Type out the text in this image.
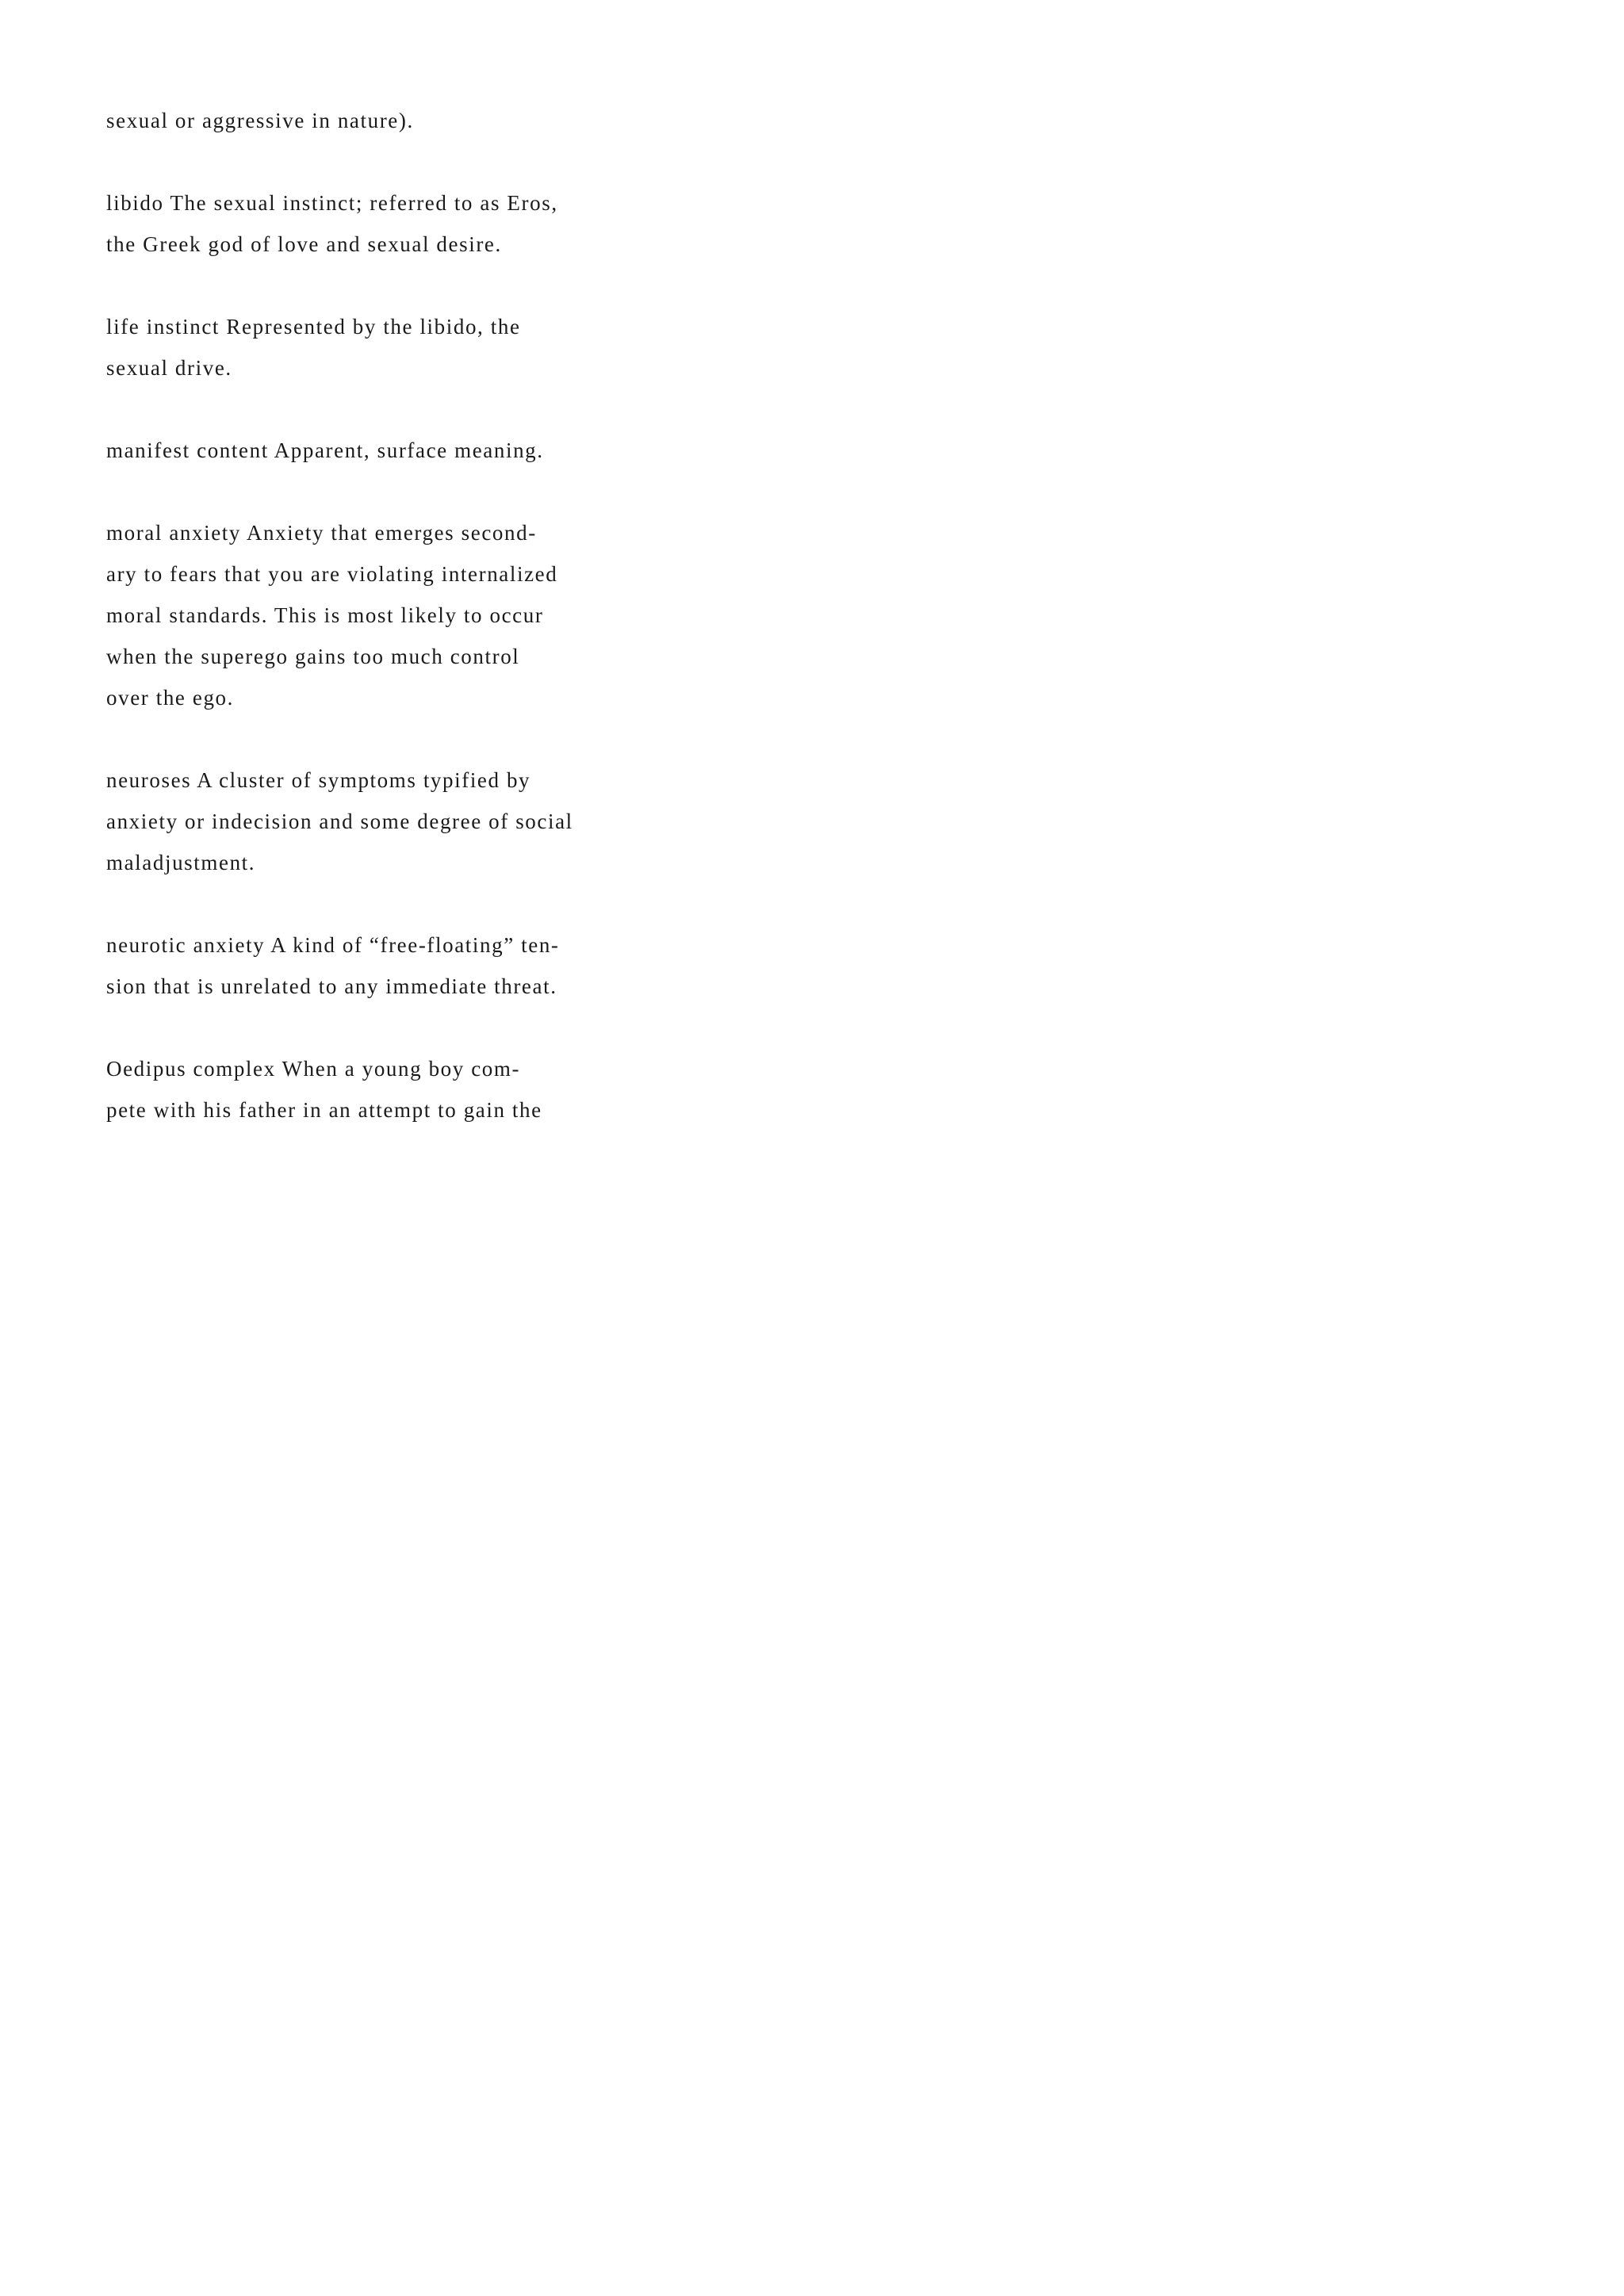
sexual or aggressive in nature).

libido The sexual instinct; referred to as Eros,

the Greek god of love and sexual desire.

life instinct Represented by the libido, the

sexual drive.

manifest content Apparent, surface meaning.

moral anxiety Anxiety that emerges second-

ary to fears that you are violating internalized

moral standards. This is most likely to occur

when the superego gains too much control

over the ego.

neuroses A cluster of symptoms typified by

anxiety or indecision and some degree of social

maladjustment.

neurotic anxiety A kind of “free-floating” ten-

sion that is unrelated to any immediate threat.

Oedipus complex When a young boy com-

pete with his father in an attempt to gain the
